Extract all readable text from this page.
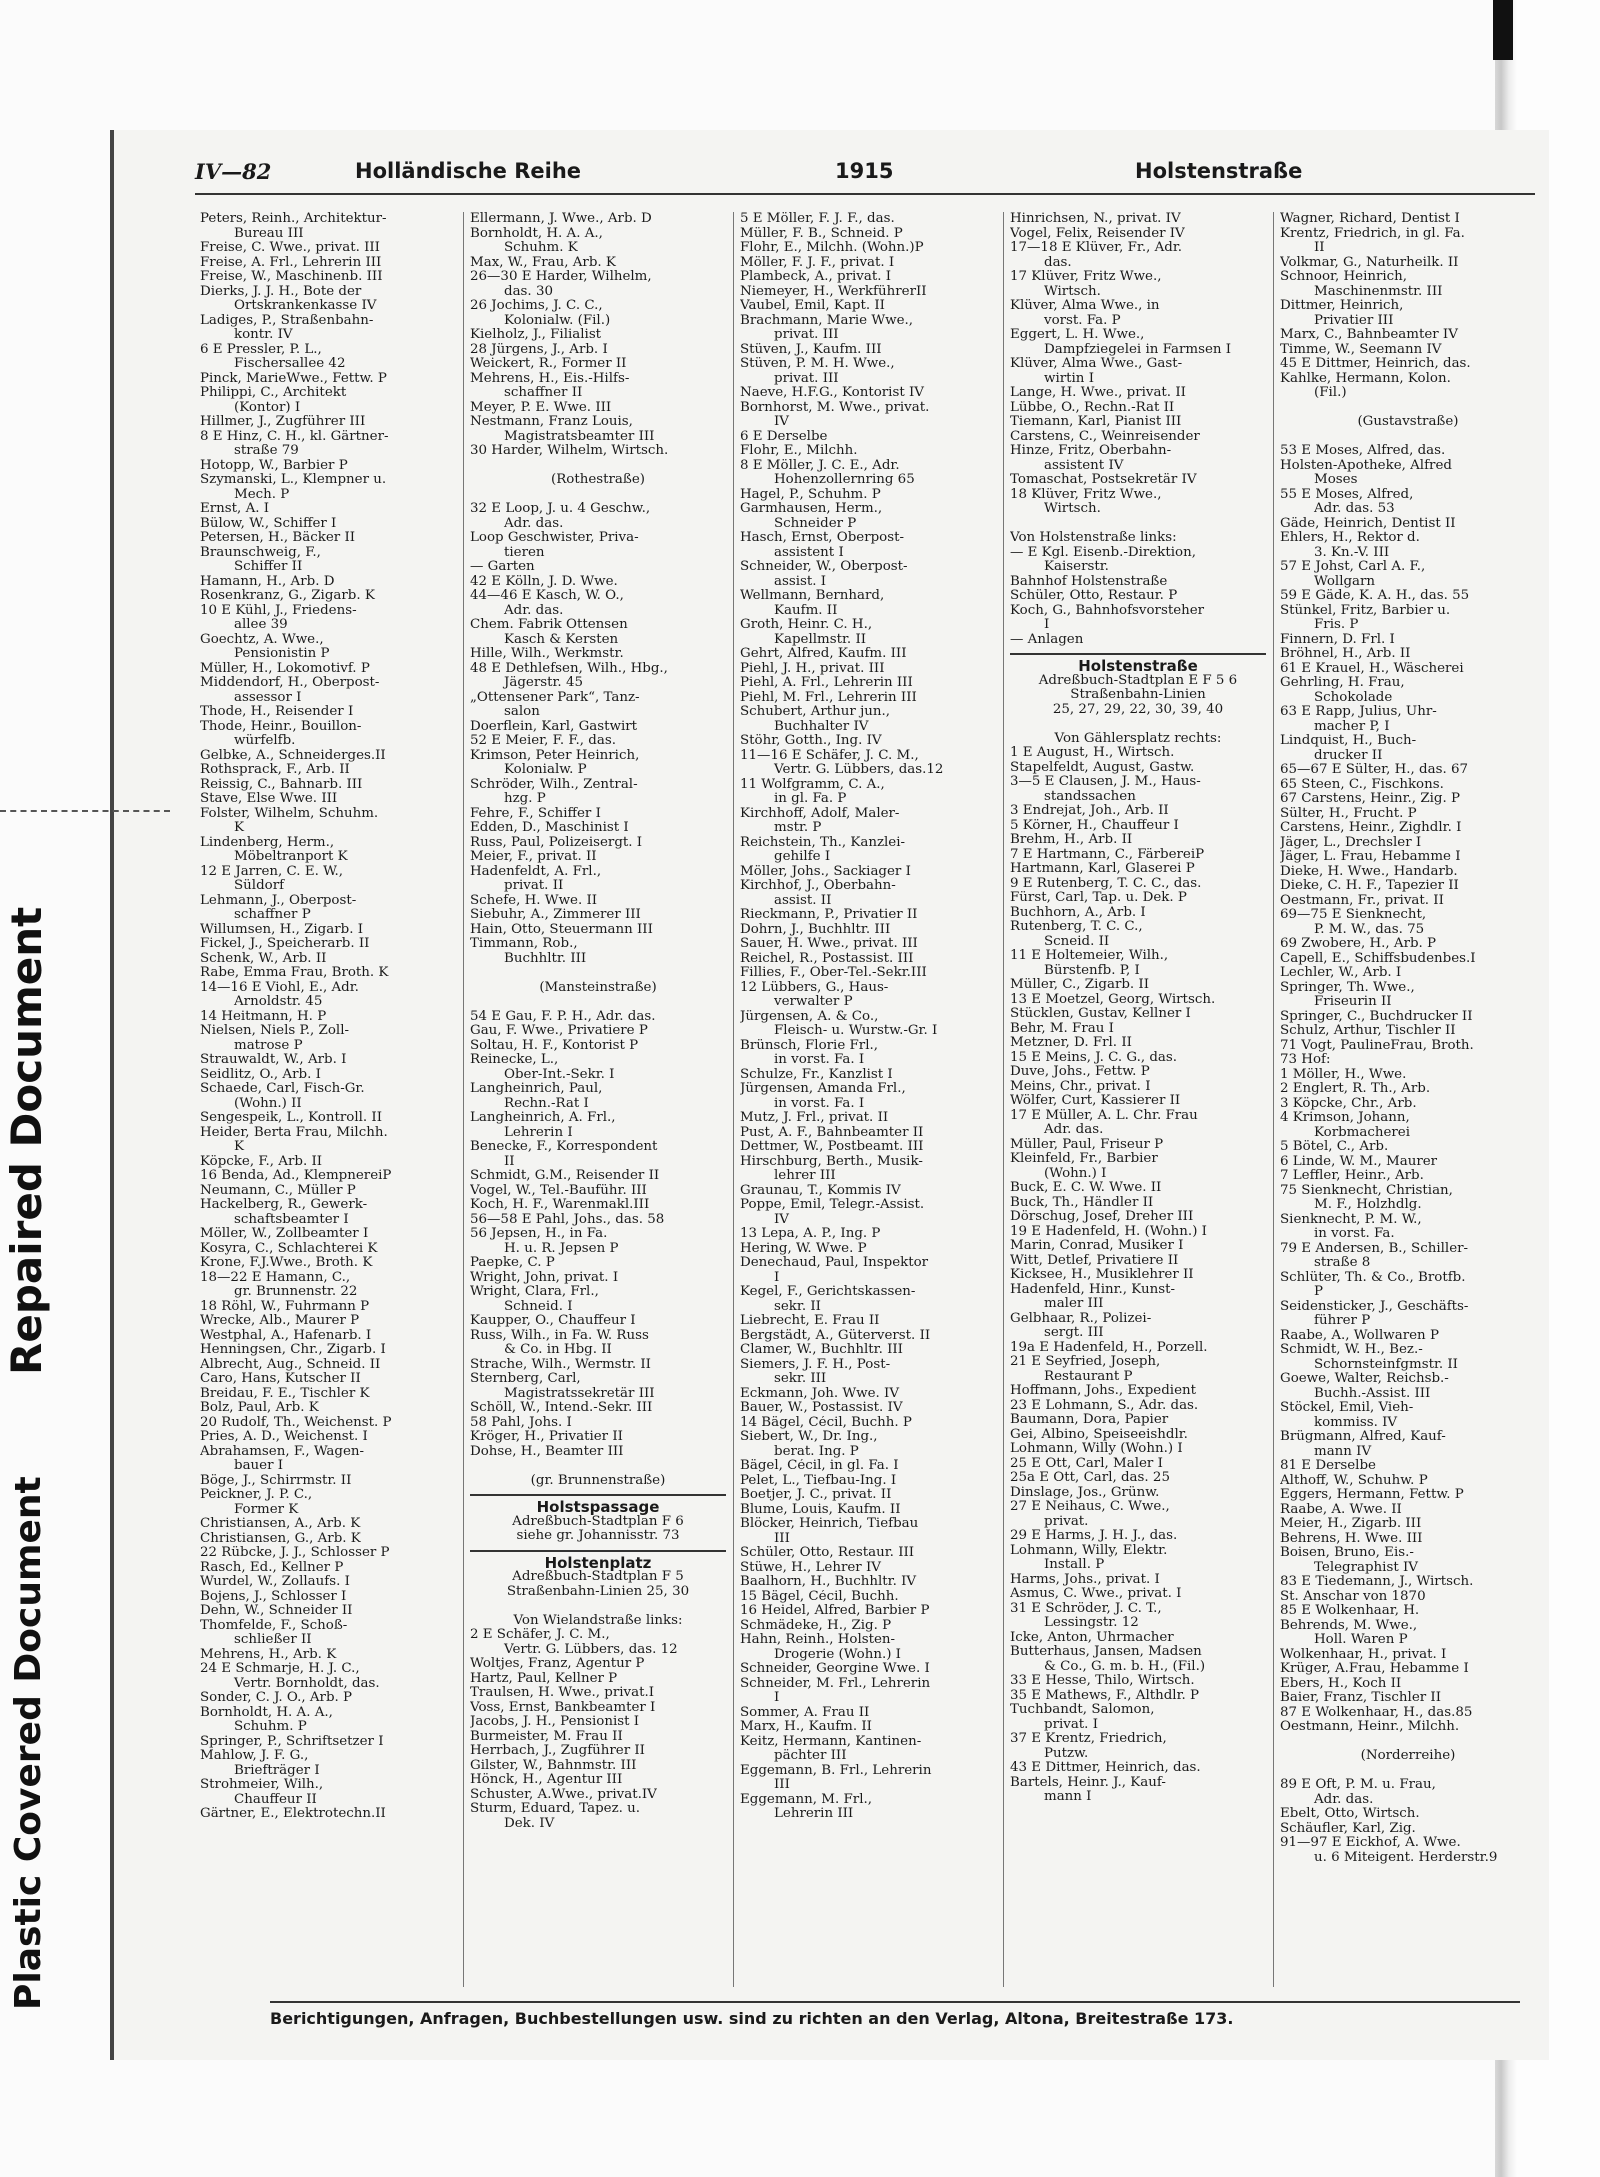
Repaired Document
Plastic Covered Document
IV—82	Holländische Reihe	1915	Holstenstraße
Peters, Reinh., Architektur-
Bureau III
Freise, C. Wwe., privat. III
Freise, A. Frl., Lehrerin III
Freise, W., Maschinenb. III
Dierks, J. J. H., Bote der
Ortskrankenkasse IV
Ladiges, P., Straßenbahn-
kontr. IV
6 E Pressler, P. L.,
Fischersallee 42
Pinck, MarieWwe., Fettw. P
Philippi, C., Architekt
(Kontor) I
Hillmer, J., Zugführer III
8 E Hinz, C. H., kl. Gärtner-
straße 79
Hotopp, W., Barbier P
Szymanski, L., Klempner u.
Mech. P
Ernst, A. I
Bülow, W., Schiffer I
Petersen, H., Bäcker II
Braunschweig, F.,
Schiffer II
Hamann, H., Arb. D
Rosenkranz, G., Zigarb. K
10 E Kühl, J., Friedens-
allee 39
Goechtz, A. Wwe.,
Pensionistin P
Müller, H., Lokomotivf. P
Middendorf, H., Oberpost-
assessor I
Thode, H., Reisender I
Thode, Heinr., Bouillon-
würfelfb.
Gelbke, A., Schneiderges.II
Rothsprack, F., Arb. II
Reissig, C., Bahnarb. III
Stave, Else Wwe. III
Folster, Wilhelm, Schuhm.
K
Lindenberg, Herm.,
Möbeltranport K
12 E Jarren, C. E. W.,
Süldorf
Lehmann, J., Oberpost-
schaffner P
Willumsen, H., Zigarb. I
Fickel, J., Speicherarb. II
Schenk, W., Arb. II
Rabe, Emma Frau, Broth. K
14—16 E Viohl, E., Adr.
Arnoldstr. 45
14 Heitmann, H. P
Nielsen, Niels P., Zoll-
matrose P
Strauwaldt, W., Arb. I
Seidlitz, O., Arb. I
Schaede, Carl, Fisch-Gr.
(Wohn.) II
Sengespeik, L., Kontroll. II
Heider, Berta Frau, Milchh.
K
Köpcke, F., Arb. II
16 Benda, Ad., KlempnereiP
Neumann, C., Müller P
Hackelberg, R., Gewerk-
schaftsbeamter I
Möller, W., Zollbeamter I
Kosyra, C., Schlachterei K
Krone, F.J.Wwe., Broth. K
18—22 E Hamann, C.,
gr. Brunnenstr. 22
18 Röhl, W., Fuhrmann P
Wrecke, Alb., Maurer P
Westphal, A., Hafenarb. I
Henningsen, Chr., Zigarb. I
Albrecht, Aug., Schneid. II
Caro, Hans, Kutscher II
Breidau, F. E., Tischler K
Bolz, Paul, Arb. K
20 Rudolf, Th., Weichenst. P
Pries, A. D., Weichenst. I
Abrahamsen, F., Wagen-
bauer I
Böge, J., Schirrmstr. II
Peickner, J. P. C.,
Former K
Christiansen, A., Arb. K
Christiansen, G., Arb. K
22 Rübcke, J. J., Schlosser P
Rasch, Ed., Kellner P
Wurdel, W., Zollaufs. I
Bojens, J., Schlosser I
Dehn, W., Schneider II
Thomfelde, F., Schoß-
schließer II
Mehrens, H., Arb. K
24 E Schmarje, H. J. C.,
Vertr. Bornholdt, das.
Sonder, C. J. O., Arb. P
Bornholdt, H. A. A.,
Schuhm. P
Springer, P., Schriftsetzer I
Mahlow, J. F. G.,
Briefträger I
Strohmeier, Wilh.,
Chauffeur II
Gärtner, E., Elektrotechn.II
Ellermann, J. Wwe., Arb. D
Bornholdt, H. A. A.,
Schuhm. K
Max, W., Frau, Arb. K
26—30 E Harder, Wilhelm,
das. 30
26 Jochims, J. C. C.,
Kolonialw. (Fil.)
Kielholz, J., Filialist
28 Jürgens, J., Arb. I
Weickert, R., Former II
Mehrens, H., Eis.-Hilfs-
schaffner II
Meyer, P. E. Wwe. III
Nestmann, Franz Louis,
Magistratsbeamter III
30 Harder, Wilhelm, Wirtsch.

(Rothestraße)

32 E Loop, J. u. 4 Geschw.,
Adr. das.
Loop Geschwister, Priva-
tieren
— Garten
42 E Kölln, J. D. Wwe.
44—46 E Kasch, W. O.,
Adr. das.
Chem. Fabrik Ottensen
Kasch & Kersten
Hille, Wilh., Werkmstr.
48 E Dethlefsen, Wilh., Hbg.,
Jägerstr. 45
„Ottensener Park“, Tanz-
salon
Doerflein, Karl, Gastwirt
52 E Meier, F. F., das.
Krimson, Peter Heinrich,
Kolonialw. P
Schröder, Wilh., Zentral-
hzg. P
Fehre, F., Schiffer I
Edden, D., Maschinist I
Russ, Paul, Polizeisergt. I
Meier, F., privat. II
Hadenfeldt, A. Frl.,
privat. II
Schefe, H. Wwe. II
Siebuhr, A., Zimmerer III
Hain, Otto, Steuermann III
Timmann, Rob.,
Buchhltr. III

(Mansteinstraße)

54 E Gau, F. P. H., Adr. das.
Gau, F. Wwe., Privatiere P
Soltau, H. F., Kontorist P
Reinecke, L.,
Ober-Int.-Sekr. I
Langheinrich, Paul,
Rechn.-Rat I
Langheinrich, A. Frl.,
Lehrerin I
Benecke, F., Korrespondent
II
Schmidt, G.M., Reisender II
Vogel, W., Tel.-Bauführ. III
Koch, H. F., Warenmakl.III
56—58 E Pahl, Johs., das. 58
56 Jepsen, H., in Fa.
H. u. R. Jepsen P
Paepke, C. P
Wright, John, privat. I
Wright, Clara, Frl.,
Schneid. I
Kaupper, O., Chauffeur I
Russ, Wilh., in Fa. W. Russ
& Co. in Hbg. II
Strache, Wilh., Wermstr. II
Sternberg, Carl,
Magistratssekretär III
Schöll, W., Intend.-Sekr. III
58 Pahl, Johs. I
Kröger, H., Privatier II
Dohse, H., Beamter III

(gr. Brunnenstraße)
Holstspassage
Adreßbuch-Stadtplan F 6
siehe gr. Johannisstr. 73
Holstenplatz
Adreßbuch-Stadtplan F 5
Straßenbahn-Linien 25, 30

Von Wielandstraße links:
2 E Schäfer, J. C. M.,
Vertr. G. Lübbers, das. 12
Woltjes, Franz, Agentur P
Hartz, Paul, Kellner P
Traulsen, H. Wwe., privat.I
Voss, Ernst, Bankbeamter I
Jacobs, J. H., Pensionist I
Burmeister, M. Frau II
Herrbach, J., Zugführer II
Gilster, W., Bahnmstr. III
Hönck, H., Agentur III
Schuster, A.Wwe., privat.IV
Sturm, Eduard, Tapez. u.
Dek. IV
5 E Möller, F. J. F., das.
Müller, F. B., Schneid. P
Flohr, E., Milchh. (Wohn.)P
Möller, F. J. F., privat. I
Plambeck, A., privat. I
Niemeyer, H., WerkführerII
Vaubel, Emil, Kapt. II
Brachmann, Marie Wwe.,
privat. III
Stüven, J., Kaufm. III
Stüven, P. M. H. Wwe.,
privat. III
Naeve, H.F.G., Kontorist IV
Bornhorst, M. Wwe., privat.
IV
6 E Derselbe
Flohr, E., Milchh.
8 E Möller, J. C. E., Adr.
Hohenzollernring 65
Hagel, P., Schuhm. P
Garmhausen, Herm.,
Schneider P
Hasch, Ernst, Oberpost-
assistent I
Schneider, W., Oberpost-
assist. I
Wellmann, Bernhard,
Kaufm. II
Groth, Heinr. C. H.,
Kapellmstr. II
Gehrt, Alfred, Kaufm. III
Piehl, J. H., privat. III
Piehl, A. Frl., Lehrerin III
Piehl, M. Frl., Lehrerin III
Schubert, Arthur jun.,
Buchhalter IV
Stöhr, Gotth., Ing. IV
11—16 E Schäfer, J. C. M.,
Vertr. G. Lübbers, das.12
11 Wolfgramm, C. A.,
in gl. Fa. P
Kirchhoff, Adolf, Maler-
mstr. P
Reichstein, Th., Kanzlei-
gehilfe I
Möller, Johs., Sackiager I
Kirchhof, J., Oberbahn-
assist. II
Rieckmann, P., Privatier II
Dohrn, J., Buchhltr. III
Sauer, H. Wwe., privat. III
Reichel, R., Postassist. III
Fillies, F., Ober-Tel.-Sekr.III
12 Lübbers, G., Haus-
verwalter P
Jürgensen, A. & Co.,
Fleisch- u. Wurstw.-Gr. I
Brünsch, Florie Frl.,
in vorst. Fa. I
Schulze, Fr., Kanzlist I
Jürgensen, Amanda Frl.,
in vorst. Fa. I
Mutz, J. Frl., privat. II
Pust, A. F., Bahnbeamter II
Dettmer, W., Postbeamt. III
Hirschburg, Berth., Musik-
lehrer III
Graunau, T., Kommis IV
Poppe, Emil, Telegr.-Assist.
IV
13 Lepa, A. P., Ing. P
Hering, W. Wwe. P
Denechaud, Paul, Inspektor
I
Kegel, F., Gerichtskassen-
sekr. II
Liebrecht, E. Frau II
Bergstädt, A., Güterverst. II
Clamer, W., Buchhltr. III
Siemers, J. F. H., Post-
sekr. III
Eckmann, Joh. Wwe. IV
Bauer, W., Postassist. IV
14 Bägel, Cécil, Buchh. P
Siebert, W., Dr. Ing.,
berat. Ing. P
Bägel, Cécil, in gl. Fa. I
Pelet, L., Tiefbau-Ing. I
Boetjer, J. C., privat. II
Blume, Louis, Kaufm. II
Blöcker, Heinrich, Tiefbau
III
Schüler, Otto, Restaur. III
Stüwe, H., Lehrer IV
Baalhorn, H., Buchhltr. IV
15 Bägel, Cécil, Buchh.
16 Heidel, Alfred, Barbier P
Schmädeke, H., Zig. P
Hahn, Reinh., Holsten-
Drogerie (Wohn.) I
Schneider, Georgine Wwe. I
Schneider, M. Frl., Lehrerin
I
Sommer, A. Frau II
Marx, H., Kaufm. II
Keitz, Hermann, Kantinen-
pächter III
Eggemann, B. Frl., Lehrerin
III
Eggemann, M. Frl.,
Lehrerin III
Hinrichsen, N., privat. IV
Vogel, Felix, Reisender IV
17—18 E Klüver, Fr., Adr.
das.
17 Klüver, Fritz Wwe.,
Wirtsch.
Klüver, Alma Wwe., in
vorst. Fa. P
Eggert, L. H. Wwe.,
Dampfziegelei in Farmsen I
Klüver, Alma Wwe., Gast-
wirtin I
Lange, H. Wwe., privat. II
Lübbe, O., Rechn.-Rat II
Tiemann, Karl, Pianist III
Carstens, C., Weinreisender
Hinze, Fritz, Oberbahn-
assistent IV
Tomaschat, Postsekretär IV
18 Klüver, Fritz Wwe.,
Wirtsch.

Von Holstenstraße links:
— E Kgl. Eisenb.-Direktion,
Kaiserstr.
Bahnhof Holstenstraße
Schüler, Otto, Restaur. P
Koch, G., Bahnhofsvorsteher
I
— Anlagen
Holstenstraße
Adreßbuch-Stadtplan E F 5 6
Straßenbahn-Linien
25, 27, 29, 22, 30, 39, 40

Von Gählersplatz rechts:
1 E August, H., Wirtsch.
Stapelfeldt, August, Gastw.
3—5 E Clausen, J. M., Haus-
standssachen
3 Endrejat, Joh., Arb. II
5 Körner, H., Chauffeur I
Brehm, H., Arb. II
7 E Hartmann, C., FärbereiP
Hartmann, Karl, Glaserei P
9 E Rutenberg, T. C. C., das.
Fürst, Carl, Tap. u. Dek. P
Buchhorn, A., Arb. I
Rutenberg, T. C. C.,
Scneid. II
11 E Holtemeier, Wilh.,
Bürstenfb. P, I
Müller, C., Zigarb. II
13 E Moetzel, Georg, Wirtsch.
Stücklen, Gustav, Kellner I
Behr, M. Frau I
Metzner, D. Frl. II
15 E Meins, J. C. G., das.
Duve, Johs., Fettw. P
Meins, Chr., privat. I
Wölfer, Curt, Kassierer II
17 E Müller, A. L. Chr. Frau
Adr. das.
Müller, Paul, Friseur P
Kleinfeld, Fr., Barbier
(Wohn.) I
Buck, E. C. W. Wwe. II
Buck, Th., Händler II
Dörschug, Josef, Dreher III
19 E Hadenfeld, H. (Wohn.) I
Marin, Conrad, Musiker I
Witt, Detlef, Privatiere II
Kicksee, H., Musiklehrer II
Hadenfeld, Hinr., Kunst-
maler III
Gelbhaar, R., Polizei-
sergt. III
19a E Hadenfeld, H., Porzell.
21 E Seyfried, Joseph,
Restaurant P
Hoffmann, Johs., Expedient
23 E Lohmann, S., Adr. das.
Baumann, Dora, Papier
Gei, Albino, Speiseeishdlr.
Lohmann, Willy (Wohn.) I
25 E Ott, Carl, Maler I
25a E Ott, Carl, das. 25
Dinslage, Jos., Grünw.
27 E Neihaus, C. Wwe.,
privat.
29 E Harms, J. H. J., das.
Lohmann, Willy, Elektr.
Install. P
Harms, Johs., privat. I
Asmus, C. Wwe., privat. I
31 E Schröder, J. C. T.,
Lessingstr. 12
Icke, Anton, Uhrmacher
Butterhaus, Jansen, Madsen
& Co., G. m. b. H., (Fil.)
33 E Hesse, Thilo, Wirtsch.
35 E Mathews, F., Althdlr. P
Tuchbandt, Salomon,
privat. I
37 E Krentz, Friedrich,
Putzw.
43 E Dittmer, Heinrich, das.
Bartels, Heinr. J., Kauf-
mann I
Wagner, Richard, Dentist I
Krentz, Friedrich, in gl. Fa.
II
Volkmar, G., Naturheilk. II
Schnoor, Heinrich,
Maschinenmstr. III
Dittmer, Heinrich,
Privatier III
Marx, C., Bahnbeamter IV
Timme, W., Seemann IV
45 E Dittmer, Heinrich, das.
Kahlke, Hermann, Kolon.
(Fil.)

(Gustavstraße)

53 E Moses, Alfred, das.
Holsten-Apotheke, Alfred
Moses
55 E Moses, Alfred,
Adr. das. 53
Gäde, Heinrich, Dentist II
Ehlers, H., Rektor d.
3. Kn.-V. III
57 E Johst, Carl A. F.,
Wollgarn
59 E Gäde, K. A. H., das. 55
Stünkel, Fritz, Barbier u.
Fris. P
Finnern, D. Frl. I
Bröhnel, H., Arb. II
61 E Krauel, H., Wäscherei
Gehrling, H. Frau,
Schokolade
63 E Rapp, Julius, Uhr-
macher P, I
Lindquist, H., Buch-
drucker II
65—67 E Sülter, H., das. 67
65 Steen, C., Fischkons.
67 Carstens, Heinr., Zig. P
Sülter, H., Frucht. P
Carstens, Heinr., Zighdlr. I
Jäger, L., Drechsler I
Jäger, L. Frau, Hebamme I
Dieke, H. Wwe., Handarb.
Dieke, C. H. F., Tapezier II
Oestmann, Fr., privat. II
69—75 E Sienknecht,
P. M. W., das. 75
69 Zwobere, H., Arb. P
Capell, E., Schiffsbudenbes.I
Lechler, W., Arb. I
Springer, Th. Wwe.,
Friseurin II
Springer, C., Buchdrucker II
Schulz, Arthur, Tischler II
71 Vogt, PaulineFrau, Broth.
73 Hof:
1 Möller, H., Wwe.
2 Englert, R. Th., Arb.
3 Köpcke, Chr., Arb.
4 Krimson, Johann,
Korbmacherei
5 Bötel, C., Arb.
6 Linde, W. M., Maurer
7 Leffler, Heinr., Arb.
75 Sienknecht, Christian,
M. F., Holzhdlg.
Sienknecht, P. M. W.,
in vorst. Fa.
79 E Andersen, B., Schiller-
straße 8
Schlüter, Th. & Co., Brotfb.
P
Seidensticker, J., Geschäfts-
führer P
Raabe, A., Wollwaren P
Schmidt, W. H., Bez.-
Schornsteinfgmstr. II
Goewe, Walter, Reichsb.-
Buchh.-Assist. III
Stöckel, Emil, Vieh-
kommiss. IV
Brügmann, Alfred, Kauf-
mann IV
81 E Derselbe
Althoff, W., Schuhw. P
Eggers, Hermann, Fettw. P
Raabe, A. Wwe. II
Meier, H., Zigarb. III
Behrens, H. Wwe. III
Boisen, Bruno, Eis.-
Telegraphist IV
83 E Tiedemann, J., Wirtsch.
St. Anschar von 1870
85 E Wolkenhaar, H.
Behrends, M. Wwe.,
Holl. Waren P
Wolkenhaar, H., privat. I
Krüger, A.Frau, Hebamme I
Ebers, H., Koch II
Baier, Franz, Tischler II
87 E Wolkenhaar, H., das.85
Oestmann, Heinr., Milchh.

(Norderreihe)

89 E Oft, P. M. u. Frau,
Adr. das.
Ebelt, Otto, Wirtsch.
Schäufler, Karl, Zig.
91—97 E Eickhof, A. Wwe.
u. 6 Miteigent. Herderstr.9
Berichtigungen, Anfragen, Buchbestellungen usw. sind zu richten an den Verlag, Altona, Breitestraße 173.
